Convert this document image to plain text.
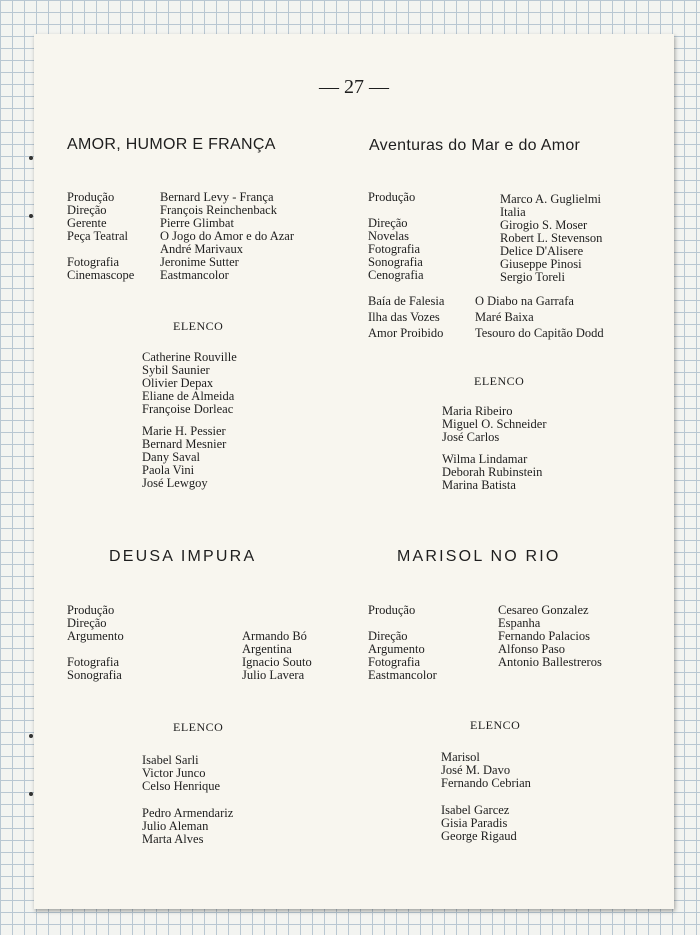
— 27 —
AMOR, HUMOR E FRANÇA
Produção
Direção
Gerente
Peça Teatral
Fotografia
Cinemascope
Bernard Levy - França
François Reinchenback
Pierre Glimbat
O Jogo do Amor e do Azar
André Marivaux
Jeronime Sutter
Eastmancolor
ELENCO
Catherine Rouville
Sybil Saunier
Olivier Depax
Eliane de Almeida
Françoise Dorleac
Marie H. Pessier
Bernard Mesnier
Dany Saval
Paola Vini
José Lewgoy
Aventuras do Mar e do Amor
Produção
Direção
Novelas
Fotografia
Sonografia
Cenografia
Marco A. Guglielmi
Italia
Girogio S. Moser
Robert L. Stevenson
Delice D'Alisere
Giuseppe Pinosi
Sergio Toreli
Baía de Falesia
Ilha das Vozes
Amor Proibido
O Diabo na Garrafa
Maré Baixa
Tesouro do Capitão Dodd
ELENCO
Maria Ribeiro
Miguel O. Schneider
José Carlos
Wilma Lindamar
Deborah Rubinstein
Marina Batista
DEUSA IMPURA
Produção
Direção
Argumento
Fotografia
Sonografia
Armando Bó
Argentina
Ignacio Souto
Julio Lavera
ELENCO
Isabel Sarli
Victor Junco
Celso Henrique
Pedro Armendariz
Julio Aleman
Marta Alves
MARISOL NO RIO
Produção
Direção
Argumento
Fotografia
Eastmancolor
Cesareo Gonzalez
Espanha
Fernando Palacios
Alfonso Paso
Antonio Ballestreros
ELENCO
Marisol
José M. Davo
Fernando Cebrian
Isabel Garcez
Gisia Paradis
George Rigaud
